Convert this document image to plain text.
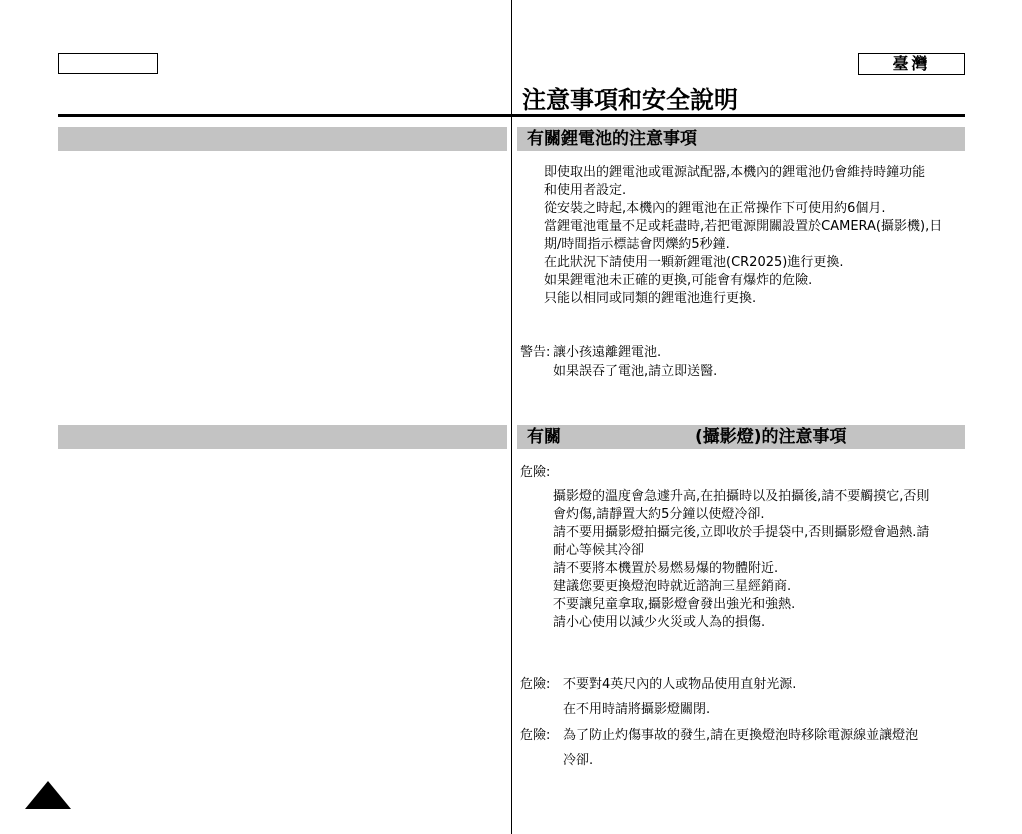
臺灣
注意事項和安全說明
有關鋰電池的注意事項
即使取出的鋰電池或電源試配器,本機內的鋰電池仍會維持時鐘功能
和使用者設定.
從安裝之時起,本機內的鋰電池在正常操作下可使用約6個月.
當鋰電池電量不足或耗盡時,若把電源開關設置於CAMERA(攝影機),日
期/時間指示標誌會閃爍約5秒鐘.
在此狀況下請使用一顆新鋰電池(CR2025)進行更換.
如果鋰電池未正確的更換,可能會有爆炸的危險.
只能以相同或同類的鋰電池進行更換.
警告: 讓小孩遠離鋰電池.
如果誤吞了電池,請立即送醫.
有關	(攝影燈)的注意事項
危險:
攝影燈的溫度會急遽升高,在拍攝時以及拍攝後,請不要觸摸它,否則
會灼傷,請靜置大約5分鐘以使燈冷卻.
請不要用攝影燈拍攝完後,立即收於手提袋中,否則攝影燈會過熱.請
耐心等候其冷卻
請不要將本機置於易燃易爆的物體附近.
建議您要更換燈泡時就近諮詢三星經銷商.
不要讓兒童拿取,攝影燈會發出強光和強熱.
請小心使用以減少火災或人為的損傷.
危險: 不要對4英尺內的人或物品使用直射光源.
在不用時請將攝影燈關閉.
危險: 為了防止灼傷事故的發生,請在更換燈泡時移除電源線並讓燈泡
冷卻.
